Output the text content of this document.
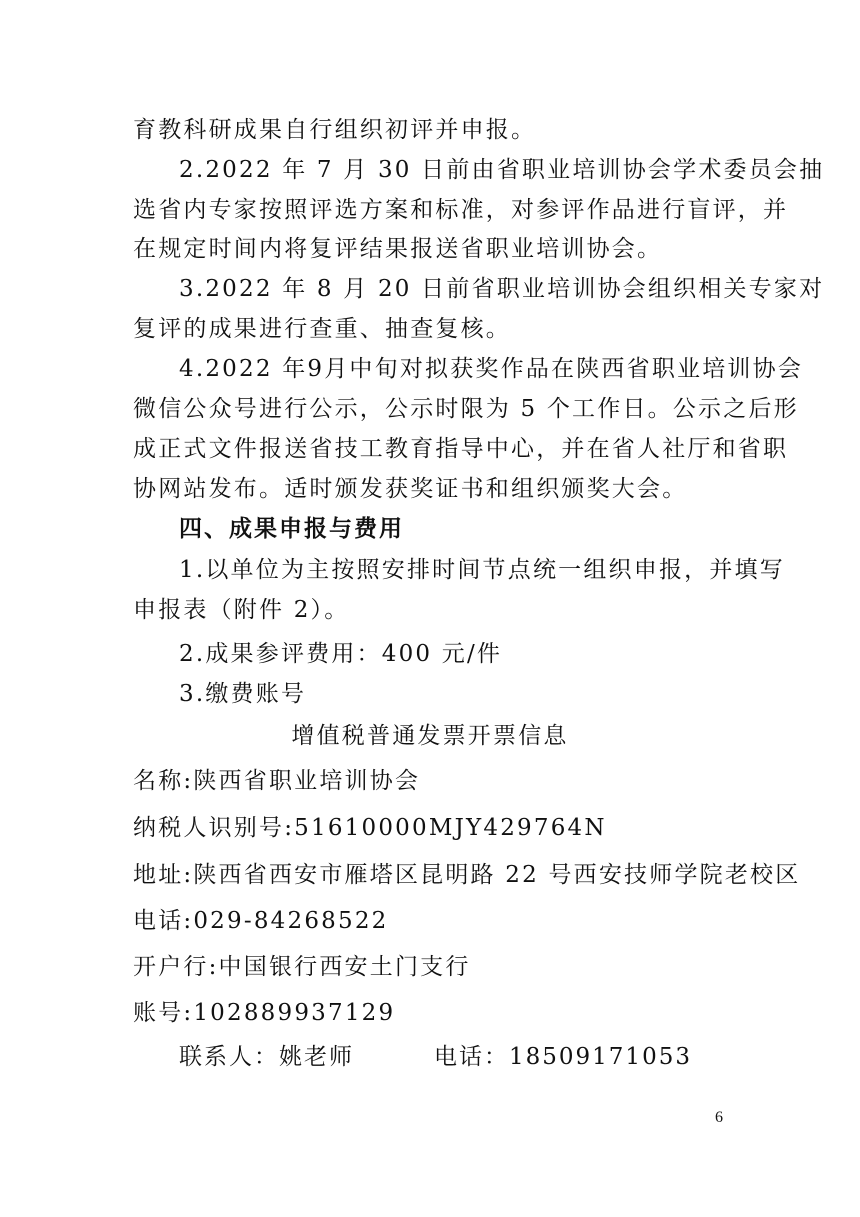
育教科研成果自行组织初评并申报。
2.2022 年 7 月 30 日前由省职业培训协会学术委员会抽
选省内专家按照评选方案和标准，对参评作品进行盲评，并
在规定时间内将复评结果报送省职业培训协会。
3.2022 年 8 月 20 日前省职业培训协会组织相关专家对
复评的成果进行查重、抽查复核。
4.2022 年9月中旬对拟获奖作品在陕西省职业培训协会
微信公众号进行公示，公示时限为 5 个工作日。公示之后形
成正式文件报送省技工教育指导中心，并在省人社厅和省职
协网站发布。适时颁发获奖证书和组织颁奖大会。
四、成果申报与费用
1.以单位为主按照安排时间节点统一组织申报，并填写
申报表（附件 2）。
2.成果参评费用：400 元/件
3.缴费账号
增值税普通发票开票信息
名称:陕西省职业培训协会
纳税人识别号:51610000MJY429764N
地址:陕西省西安市雁塔区昆明路 22 号西安技师学院老校区
电话:029-84268522
开户行:中国银行西安土门支行
账号:102889937129
联系人：姚老师	电话：18509171053
6
